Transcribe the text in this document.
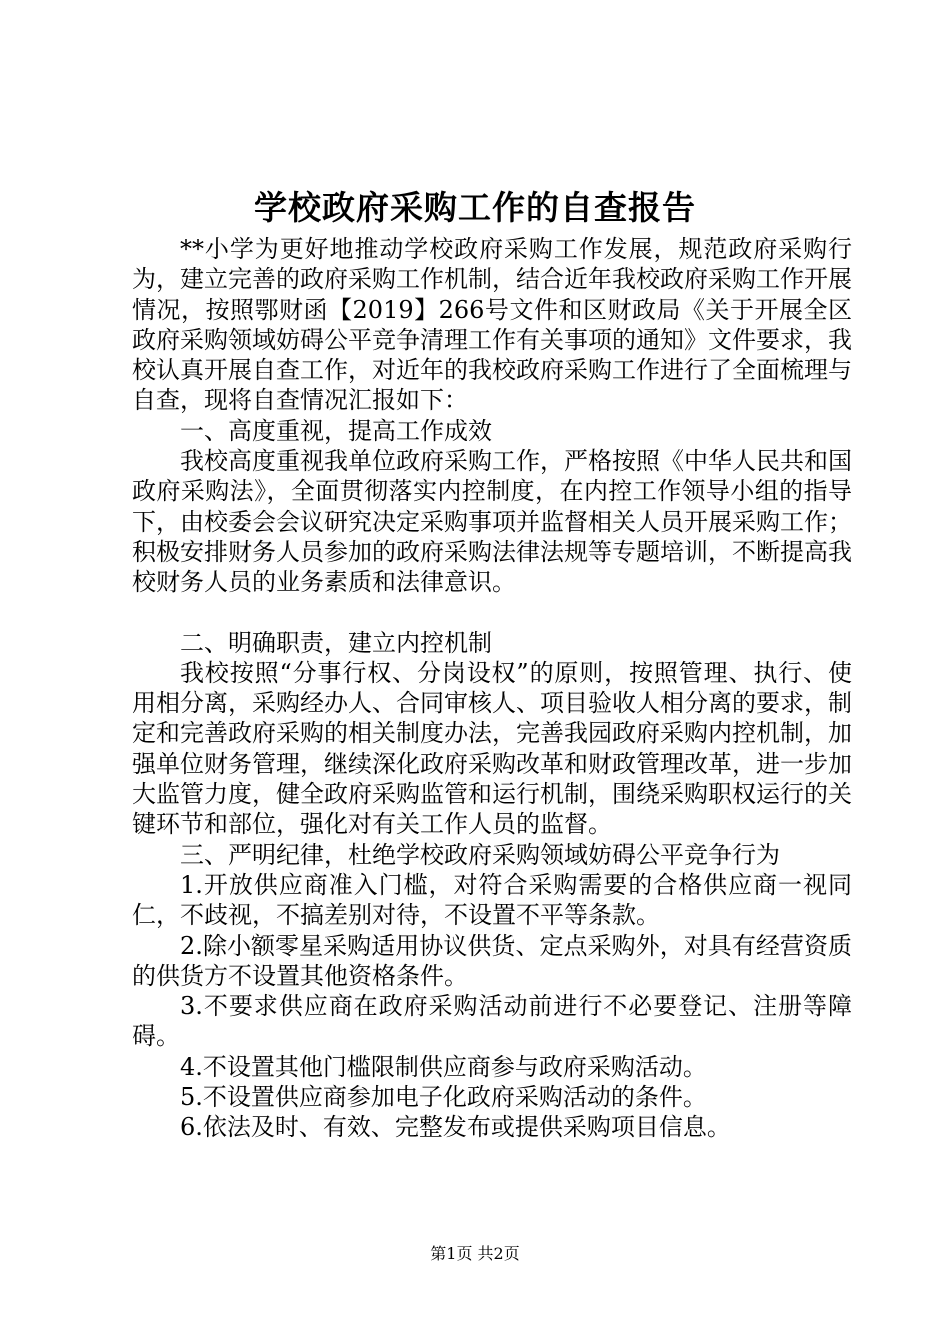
学校政府采购工作的自查报告

**小学为更好地推动学校政府采购工作发展，规范政府采购行为，建立完善的政府采购工作机制，结合近年我校政府采购工作开展情况，按照鄂财函【2019】266号文件和区财政局《关于开展全区政府采购领域妨碍公平竞争清理工作有关事项的通知》文件要求，我校认真开展自查工作，对近年的我校政府采购工作进行了全面梳理与自查，现将自查情况汇报如下：

一、高度重视，提高工作成效

我校高度重视我单位政府采购工作，严格按照《中华人民共和国政府采购法》，全面贯彻落实内控制度，在内控工作领导小组的指导下，由校委会会议研究决定采购事项并监督相关人员开展采购工作；积极安排财务人员参加的政府采购法律法规等专题培训，不断提高我校财务人员的业务素质和法律意识。

二、明确职责，建立内控机制

我校按照“分事行权、分岗设权”的原则，按照管理、执行、使用相分离，采购经办人、合同审核人、项目验收人相分离的要求，制定和完善政府采购的相关制度办法，完善我园政府采购内控机制，加强单位财务管理，继续深化政府采购改革和财政管理改革，进一步加大监管力度，健全政府采购监管和运行机制，围绕采购职权运行的关键环节和部位，强化对有关工作人员的监督。

三、严明纪律，杜绝学校政府采购领域妨碍公平竞争行为

1.开放供应商准入门槛，对符合采购需要的合格供应商一视同仁，不歧视，不搞差别对待，不设置不平等条款。

2.除小额零星采购适用协议供货、定点采购外，对具有经营资质的供货方不设置其他资格条件。

3.不要求供应商在政府采购活动前进行不必要登记、注册等障碍。

4.不设置其他门槛限制供应商参与政府采购活动。

5.不设置供应商参加电子化政府采购活动的条件。

6.依法及时、有效、完整发布或提供采购项目信息。

第1页 共2页
